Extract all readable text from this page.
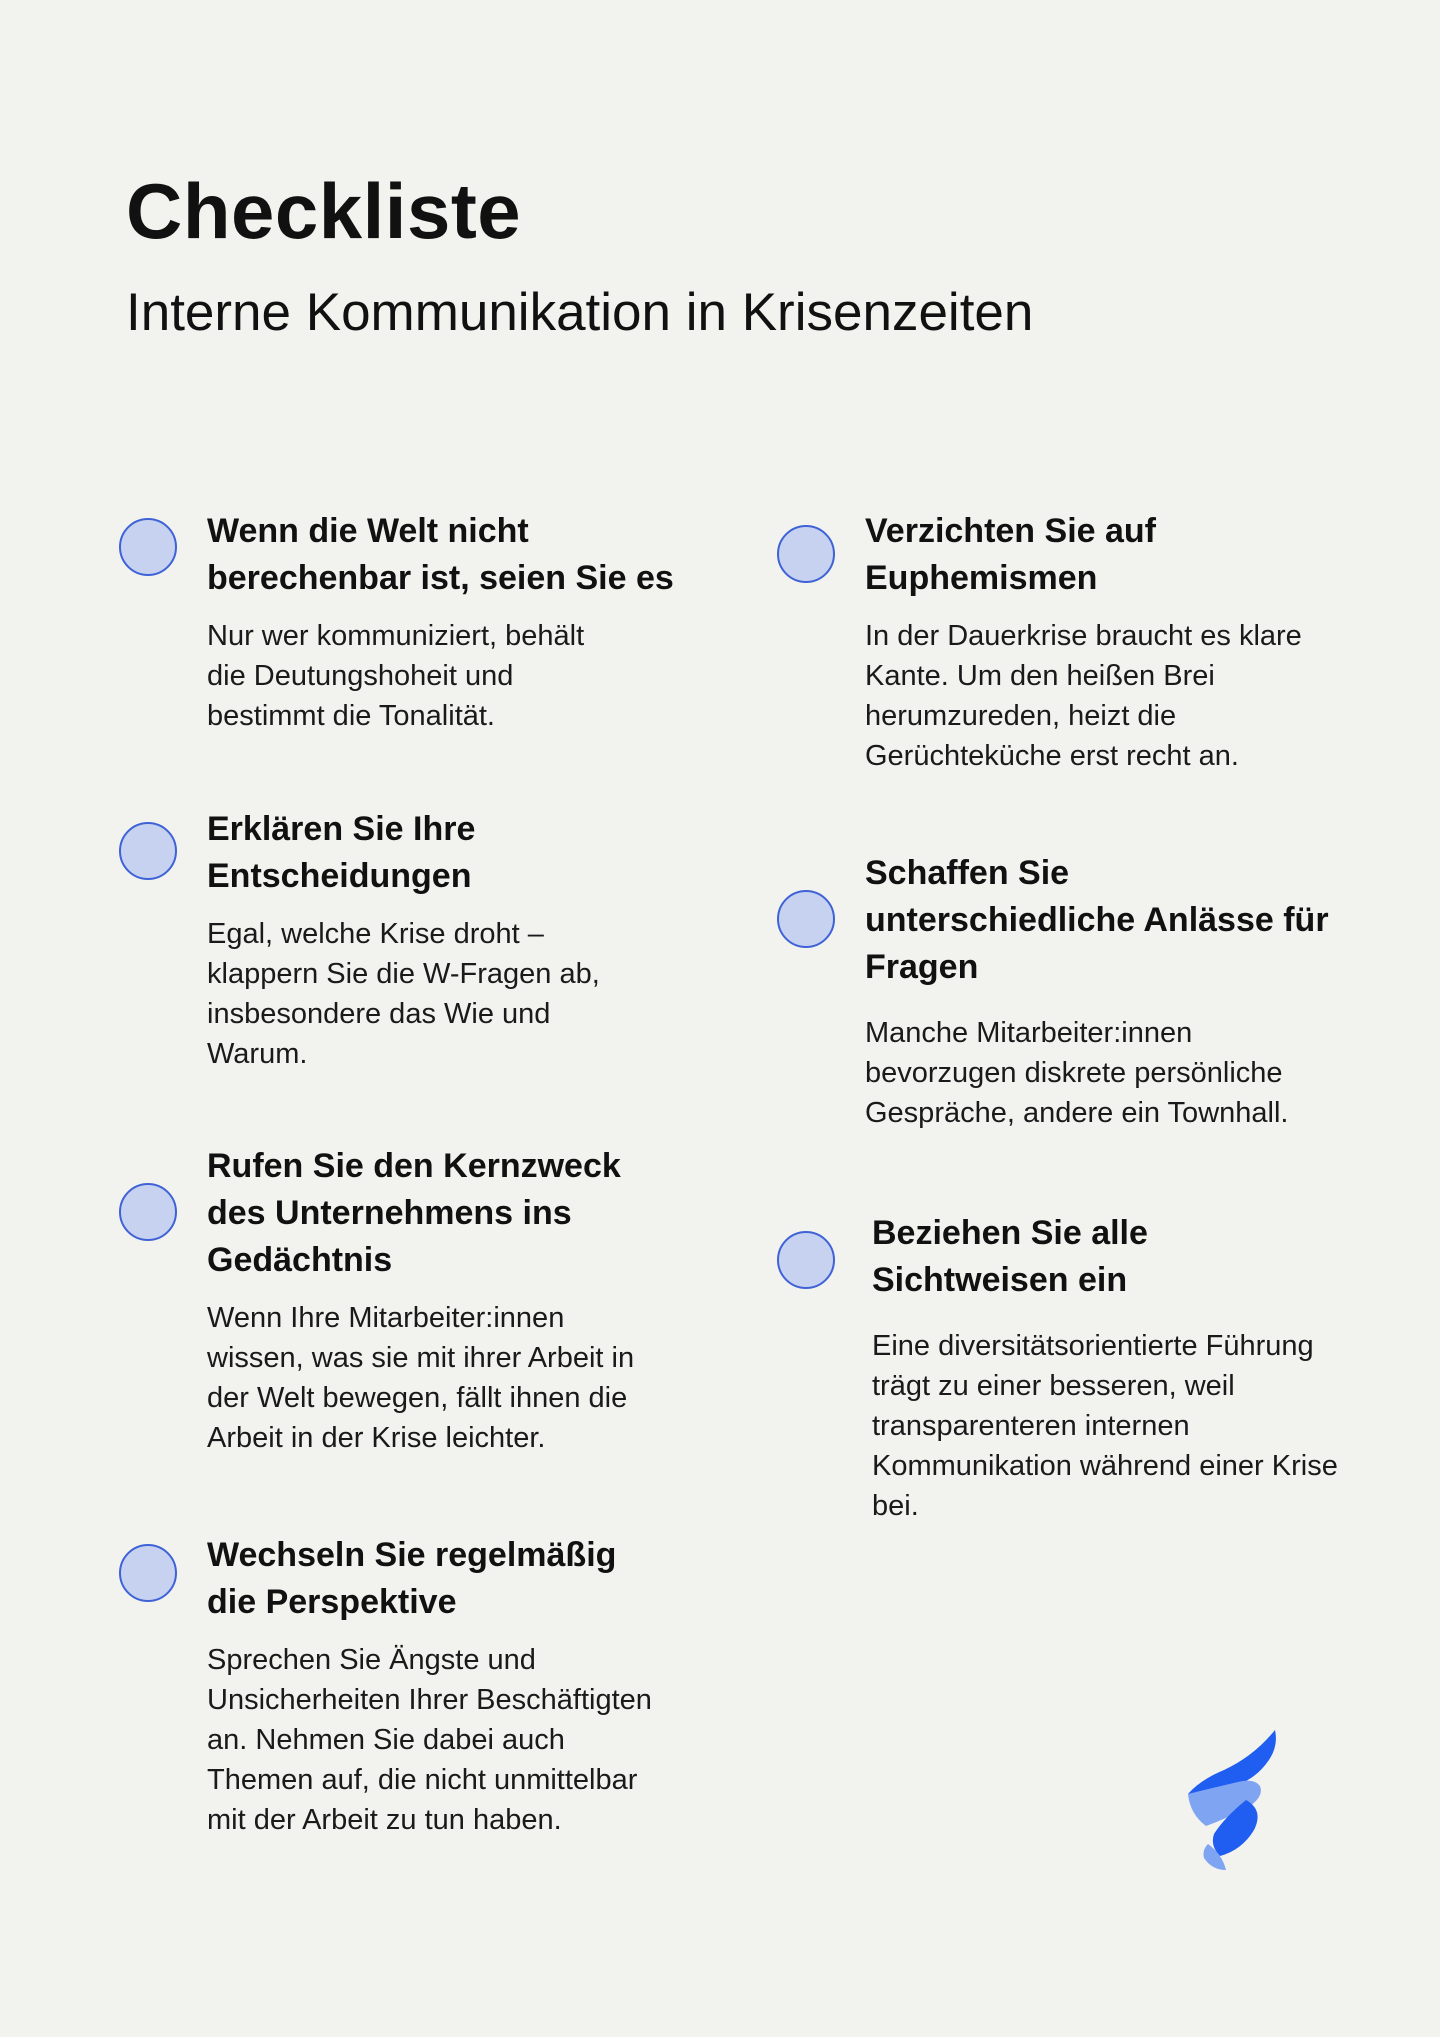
Checkliste
Interne Kommunikation in Krisenzeiten
Wenn die Welt nicht berechenbar ist, seien Sie es

Nur wer kommuniziert, behält die Deutungshoheit und bestimmt die Tonalität.

Erklären Sie Ihre Entscheidungen

Egal, welche Krise droht – klappern Sie die W-Fragen ab, insbesondere das Wie und Warum.

Rufen Sie den Kernzweck des Unternehmens ins Gedächtnis

Wenn Ihre Mitarbeiter:innen wissen, was sie mit ihrer Arbeit in der Welt bewegen, fällt ihnen die Arbeit in der Krise leichter.

Wechseln Sie regelmäßig die Perspektive

Sprechen Sie Ängste und Unsicherheiten Ihrer Beschäftigten an. Nehmen Sie dabei auch Themen auf, die nicht unmittelbar mit der Arbeit zu tun haben.

Verzichten Sie auf Euphemismen

In der Dauerkrise braucht es klare Kante. Um den heißen Brei herumzureden, heizt die Gerüchteküche erst recht an.

Schaffen Sie unterschiedliche Anlässe für Fragen

Manche Mitarbeiter:innen bevorzugen diskrete persönliche Gespräche, andere ein Townhall.

Beziehen Sie alle Sichtweisen ein

Eine diversitätsorientierte Führung trägt zu einer besseren, weil transparenteren internen Kommunikation während einer Krise bei.
